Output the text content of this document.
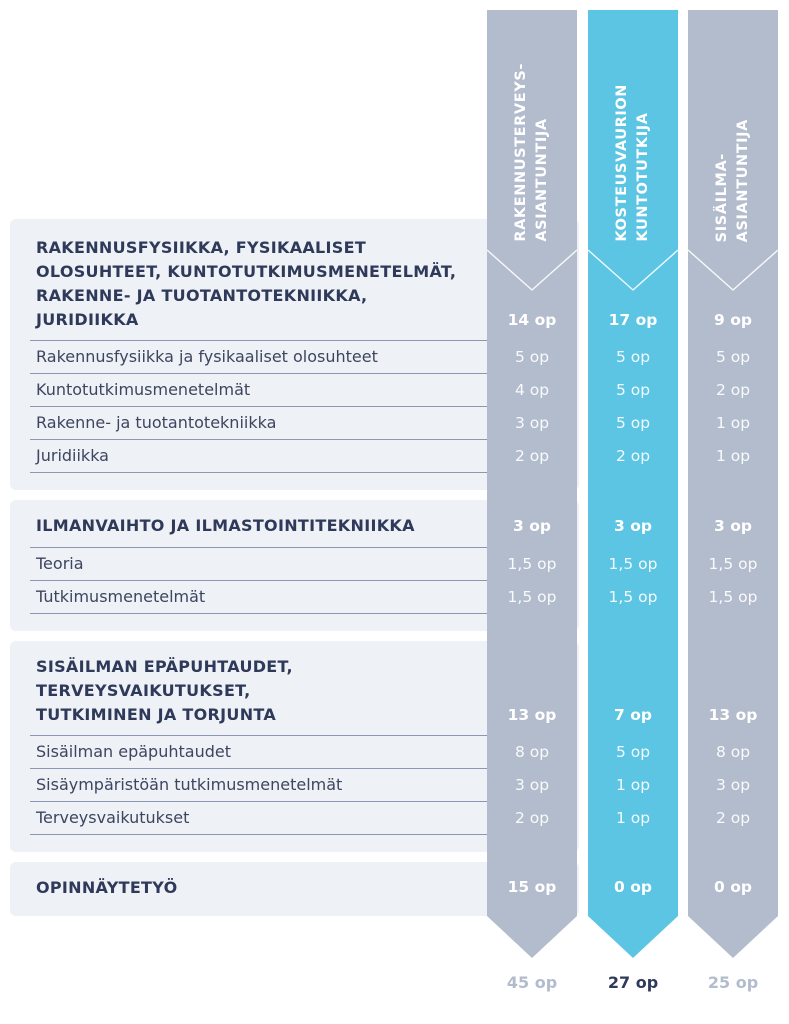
RAKENNUSTERVEYS- ASIANTUNTIJA	KOSTEUSVAURION KUNTOTUTKIJA	SISÄILMA- ASIANTUNTIJA
RAKENNUSFYSIIKKA, FYSIKAALISET
OLOSUHTEET, KUNTOTUTKIMUSMENETELMÄT,
RAKENNE- JA TUOTANTOTEKNIIKKA,
JURIDIIKKA	14 op	17 op	9 op
Rakennusfysiikka ja fysikaaliset olosuhteet	5 op	5 op	5 op
Kuntotutkimusmenetelmät	4 op	5 op	2 op
Rakenne- ja tuotantotekniikka	3 op	5 op	1 op
Juridiikka	2 op	2 op	1 op
ILMANVAIHTO JA ILMASTOINTITEKNIIKKA	3 op	3 op	3 op
Teoria	1,5 op	1,5 op	1,5 op
Tutkimusmenetelmät	1,5 op	1,5 op	1,5 op
SISÄILMAN EPÄPUHTAUDET,
TERVEYSVAIKUTUKSET,
TUTKIMINEN JA TORJUNTA	13 op	7 op	13 op
Sisäilman epäpuhtaudet	8 op	5 op	8 op
Sisäympäristöän tutkimusmenetelmät	3 op	1 op	3 op
Terveysvaikutukset	2 op	1 op	2 op
OPINNÄYTETYÖ	15 op	0 op	0 op
45 op	27 op	25 op
